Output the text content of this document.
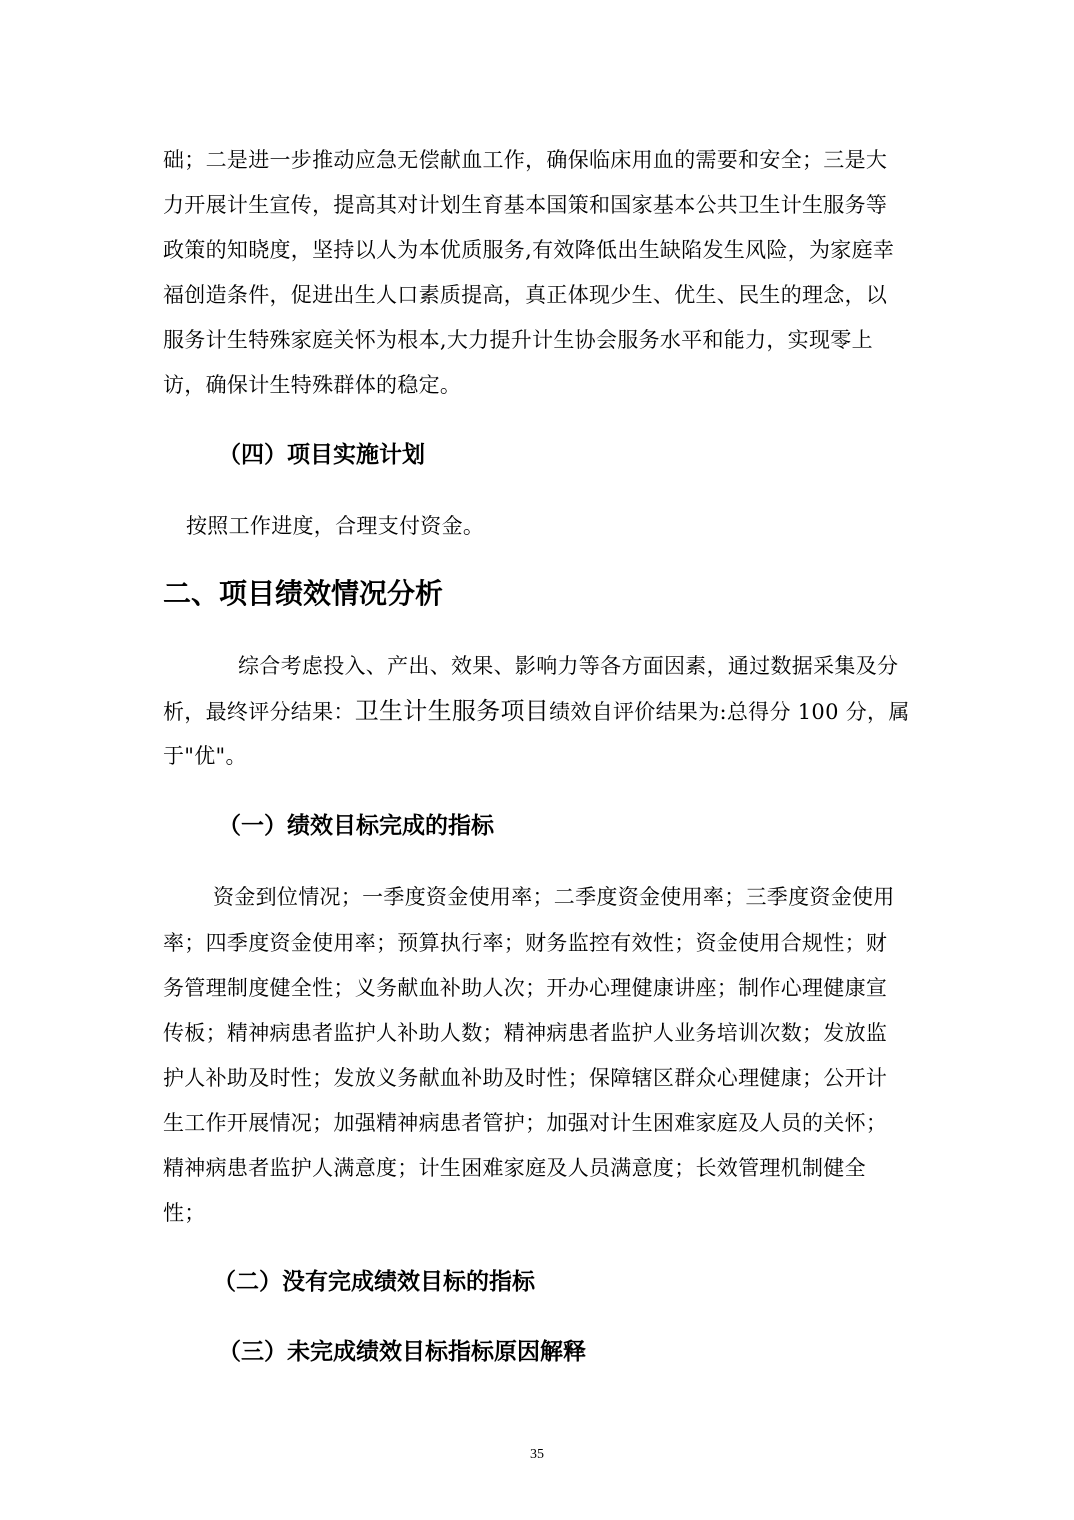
础；二是进一步推动应急无偿献血工作，确保临床用血的需要和安全；三是大
力开展计生宣传，提高其对计划生育基本国策和国家基本公共卫生计生服务等
政策的知晓度，坚持以人为本优质服务,有效降低出生缺陷发生风险，为家庭幸
福创造条件，促进出生人口素质提高，真正体现少生、优生、民生的理念，以
服务计生特殊家庭关怀为根本,大力提升计生协会服务水平和能力，实现零上
访，确保计生特殊群体的稳定。
（四）项目实施计划
按照工作进度，合理支付资金。
二、项目绩效情况分析
综合考虑投入、产出、效果、影响力等各方面因素，通过数据采集及分
析，最终评分结果：卫生计生服务项目绩效自评价结果为:总得分 100 分，属
于"优"。
（一）绩效目标完成的指标
资金到位情况；一季度资金使用率；二季度资金使用率；三季度资金使用
率；四季度资金使用率；预算执行率；财务监控有效性；资金使用合规性；财
务管理制度健全性；义务献血补助人次；开办心理健康讲座；制作心理健康宣
传板；精神病患者监护人补助人数；精神病患者监护人业务培训次数；发放监
护人补助及时性；发放义务献血补助及时性；保障辖区群众心理健康；公开计
生工作开展情况；加强精神病患者管护；加强对计生困难家庭及人员的关怀；
精神病患者监护人满意度；计生困难家庭及人员满意度；长效管理机制健全
性；
（二）没有完成绩效目标的指标
（三）未完成绩效目标指标原因解释
35
